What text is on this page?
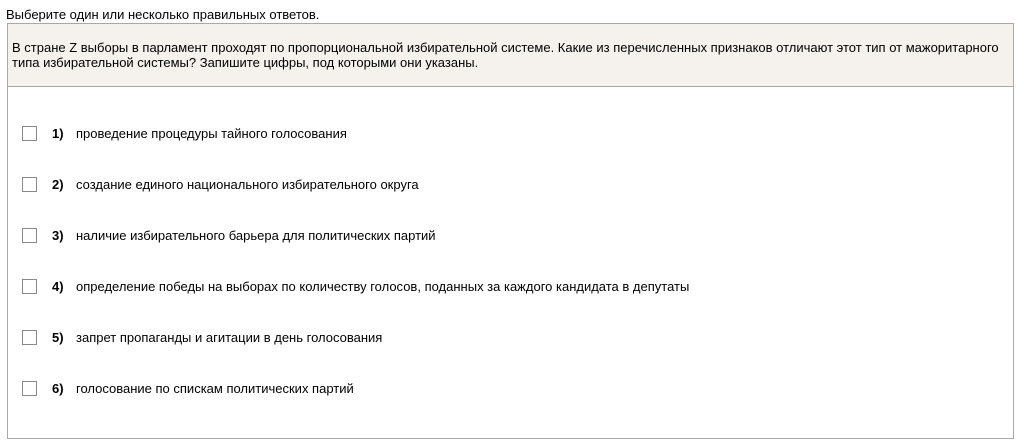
Выберите один или несколько правильных ответов.
В стране Z выборы в парламент проходят по пропорциональной избирательной системе. Какие из перечисленных признаков отличают этот тип от мажоритарного типа избирательной системы? Запишите цифры, под которыми они указаны.
1) проведение процедуры тайного голосования
2) создание единого национального избирательного округа
3) наличие избирательного барьера для политических партий
4) определение победы на выборах по количеству голосов, поданных за каждого кандидата в депутаты
5) запрет пропаганды и агитации в день голосования
6) голосование по спискам политических партий
